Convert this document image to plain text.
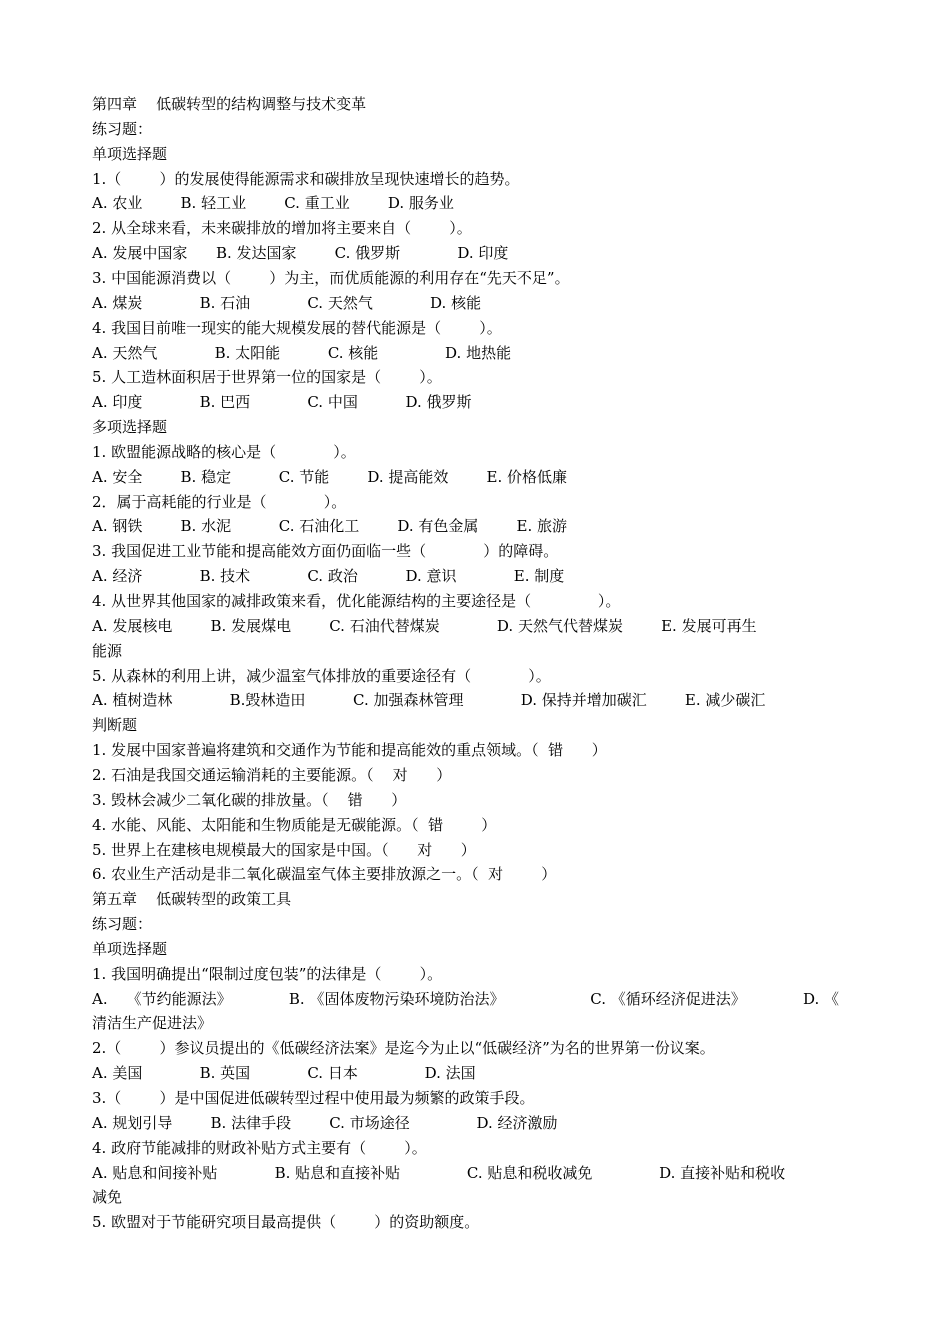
第四章    低碳转型的结构调整与技术变革
练习题：
单项选择题
1.（        ）的发展使得能源需求和碳排放呈现快速增长的趋势。
A. 农业        B. 轻工业        C. 重工业        D. 服务业
2. 从全球来看，未来碳排放的增加将主要来自（        ）。
A. 发展中国家      B. 发达国家        C. 俄罗斯            D. 印度
3. 中国能源消费以（        ）为主，而优质能源的利用存在“先天不足”。
A. 煤炭            B. 石油            C. 天然气            D. 核能
4. 我国目前唯一现实的能大规模发展的替代能源是（        ）。
A. 天然气            B. 太阳能          C. 核能              D. 地热能
5. 人工造林面积居于世界第一位的国家是（        ）。
A. 印度            B. 巴西            C. 中国          D. 俄罗斯
多项选择题
1. 欧盟能源战略的核心是（            ）。
A. 安全        B. 稳定          C. 节能        D. 提高能效        E. 价格低廉
2．属于高耗能的行业是（            ）。
A. 钢铁        B. 水泥          C. 石油化工        D. 有色金属        E. 旅游
3. 我国促进工业节能和提高能效方面仍面临一些（            ）的障碍。
A. 经济            B. 技术            C. 政治          D. 意识            E. 制度
4. 从世界其他国家的减排政策来看，优化能源结构的主要途径是（              ）。
A. 发展核电        B. 发展煤电        C. 石油代替煤炭            D. 天然气代替煤炭        E. 发展可再生
能源
5. 从森林的利用上讲，减少温室气体排放的重要途径有（            ）。
A. 植树造林            B.毁林造田          C. 加强森林管理            D. 保持并增加碳汇        E. 减少碳汇
判断题
1. 发展中国家普遍将建筑和交通作为节能和提高能效的重点领域。（  错      ）
2. 石油是我国交通运输消耗的主要能源。（    对      ）
3. 毁林会减少二氧化碳的排放量。（    错      ）
4. 水能、风能、太阳能和生物质能是无碳能源。（  错        ）
5. 世界上在建核电规模最大的国家是中国。（      对      ）
6. 农业生产活动是非二氧化碳温室气体主要排放源之一。（  对        ）
第五章    低碳转型的政策工具
练习题：
单项选择题
1. 我国明确提出“限制过度包装”的法律是（        ）。
A.    《节约能源法》            B. 《固体废物污染环境防治法》                  C. 《循环经济促进法》            D. 《
清洁生产促进法》
2.（        ）参议员提出的《低碳经济法案》是迄今为止以“低碳经济”为名的世界第一份议案。
A. 美国            B. 英国            C. 日本              D. 法国
3.（        ）是中国促进低碳转型过程中使用最为频繁的政策手段。
A. 规划引导        B. 法律手段        C. 市场途径              D. 经济激励
4. 政府节能减排的财政补贴方式主要有（        ）。
A. 贴息和间接补贴            B. 贴息和直接补贴              C. 贴息和税收减免              D. 直接补贴和税收
减免
5. 欧盟对于节能研究项目最高提供（        ）的资助额度。
